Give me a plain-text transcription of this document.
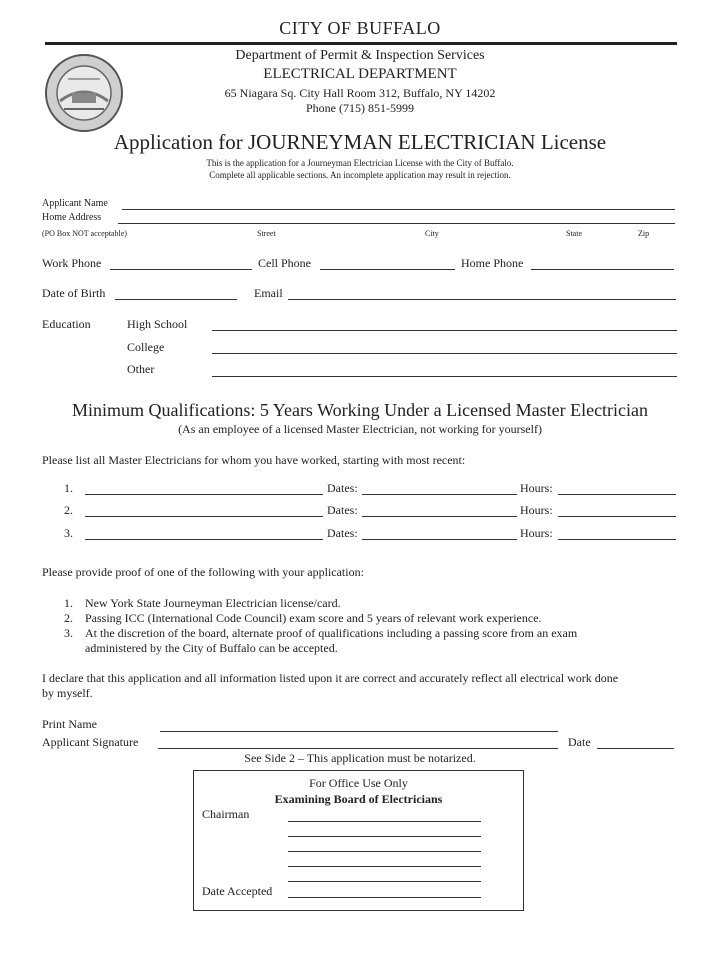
CITY OF BUFFALO
Department of Permit & Inspection Services
ELECTRICAL DEPARTMENT
65 Niagara Sq. City Hall Room 312, Buffalo, NY 14202
Phone (715) 851-5999
Application for JOURNEYMAN ELECTRICIAN License
This is the application for a Journeyman Electrician License with the City of Buffalo.
Complete all applicable sections. An incomplete application may result in rejection.
Applicant Name
Home Address
(PO Box NOT acceptable)	Street	City	State	Zip
Work Phone	Cell Phone	Home Phone
Date of Birth	Email
Education	High School
College
Other
Minimum Qualifications: 5 Years Working Under a Licensed Master Electrician
(As an employee of a licensed Master Electrician, not working for yourself)
Please list all Master Electricians for whom you have worked, starting with most recent:
1.	Dates:	Hours:
2.	Dates:	Hours:
3.	Dates:	Hours:
Please provide proof of one of the following with your application:
1. New York State Journeyman Electrician license/card.
2. Passing ICC (International Code Council) exam score and 5 years of relevant work experience.
3. At the discretion of the board, alternate proof of qualifications including a passing score from an exam
administered by the City of Buffalo can be accepted.
I declare that this application and all information listed upon it are correct and accurately reflect all electrical work done
by myself.
Print Name
Applicant Signature	Date
See Side 2 – This application must be notarized.
For Office Use Only
Examining Board of Electricians
Chairman
Date Accepted
